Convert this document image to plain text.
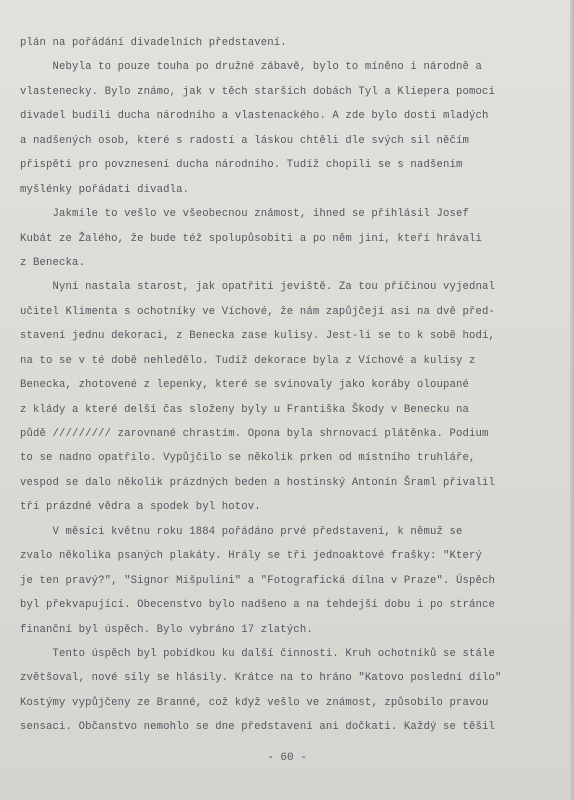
plán na pořádání divadelních představení.
Nebyla to pouze touha po družné zábavě, bylo to míněno i národně a
vlastenecky. Bylo známo, jak v těch starších dobách Tyl a Kliepera pomocí
divadel budili ducha národního a vlastenackého. A zde bylo dosti mladých
a nadšených osob, které s radostí a láskou chtěli dle svých sil něčím
přispěti pro povznesení ducha národního. Tudíž chopili se s nadšením
myšlénky pořádati divadla.
Jakmile to vešlo ve všeobecnou známost, ihned se přihlásil Josef
Kubát ze Žalého, že bude též spolupůsobiti a po něm jiní, kteří hrávali
z Benecka.
Nyní nastala starost, jak opatřiti jeviště. Za tou příčinou vyjednal
učitel Klimenta s ochotníky ve Víchové, že nám zapůjčejí asi na dvě před-
stavení jednu dekoraci, z Benecka zase kulisy. Jest-li se to k sobě hodí,
na to se v té době nehledělo. Tudíž dekorace byla z Víchové a kulisy z
Benecka, zhotovené z lepenky, které se svinovaly jako koráby oloupané
z klády a které delší čas složeny byly u Františka Škody v Benecku na
půdě ///////// zarovnané chrastím. Opona byla shrnovací plátěnka. Podium
to se nadno opatřilo. Vypůjčilo se několik prken od místního truhláře,
vespod se dalo několik prázdných beden a hostinský Antonín Šraml přivalil
tři prázdné vědra a spodek byl hotov.
V měsíci květnu roku 1884 pořádáno prvé představení, k němuž se
zvalo několika psaných plakáty. Hrály se tři jednoaktové frašky: "Který
je ten pravý?", "Signor Mišpulini" a "Fotografická dílna v Praze". Úspěch
byl překvapující. Obecenstvo bylo nadšeno a na tehdejší dobu i po stránce
finanční byl úspěch. Bylo vybráno 17 zlatých.
Tento úspěch byl pobídkou ku další činnosti. Kruh ochotníků se stále
zvětšoval, nové síly se hlásily. Krátce na to hráno "Katovo poslední dílo"
Kostýmy vypůjčeny ze Branné, což když vešlo ve známost, způsobilo pravou
sensaci. Občanstvo nemohlo se dne představení ani dočkati. Každý se těšil
- 60 -
